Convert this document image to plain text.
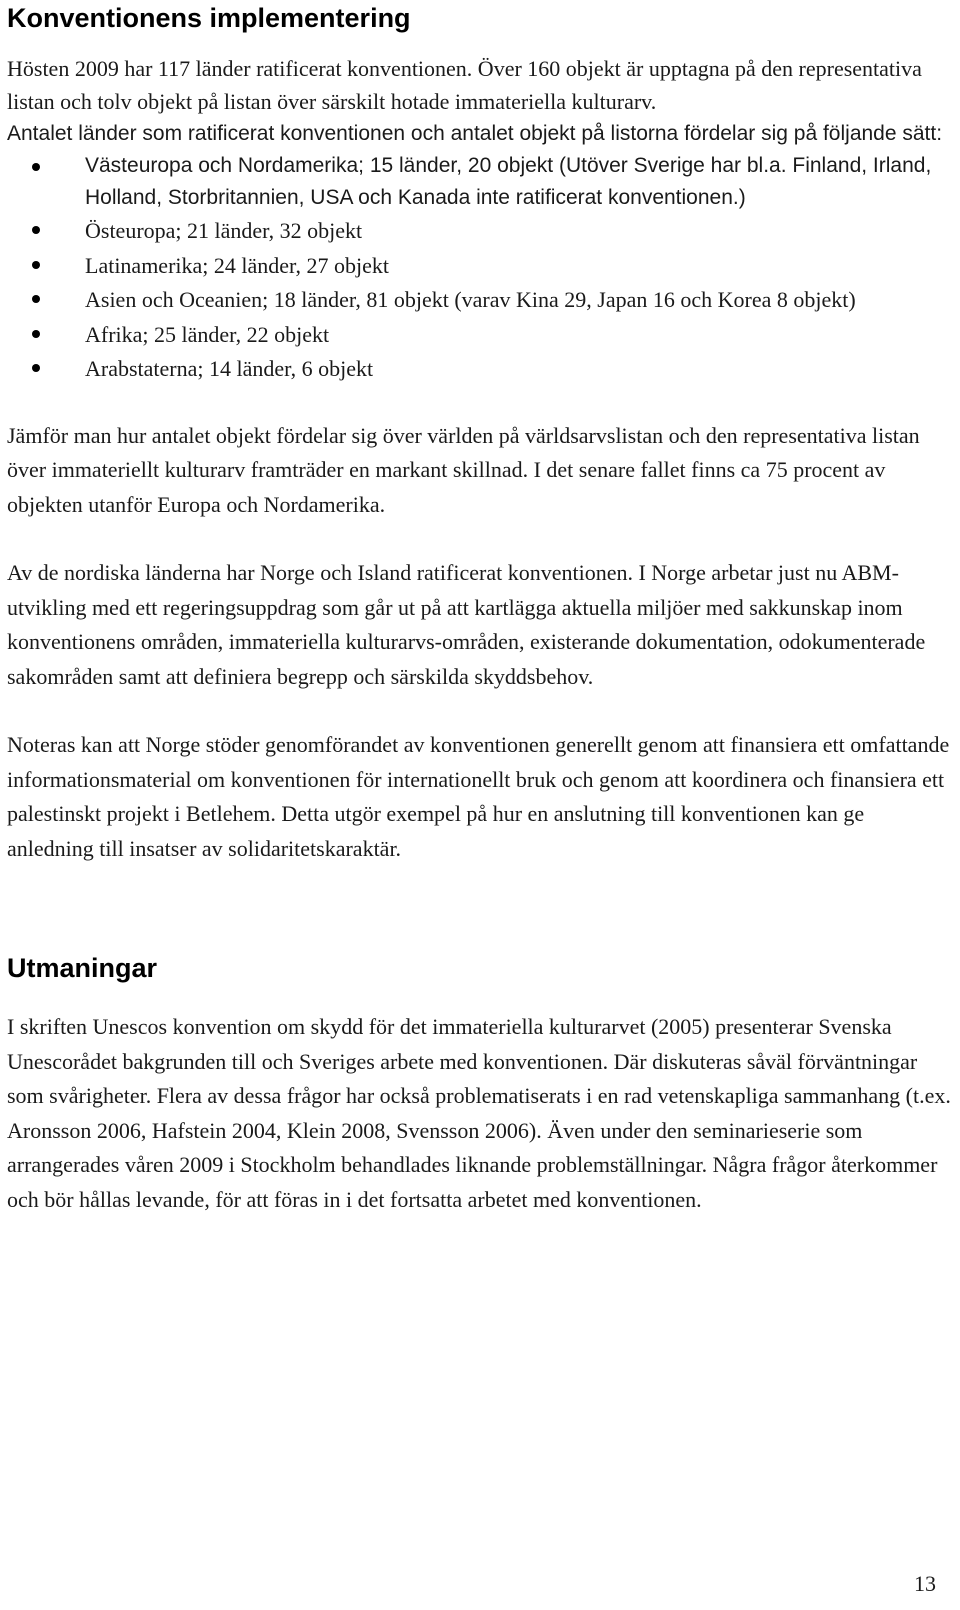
Konventionens implementering

Hösten 2009 har 117 länder ratificerat konventionen. Över 160 objekt är upptagna på den representativa listan och tolv objekt på listan över särskilt hotade immateriella kulturarv.

Antalet länder som ratificerat konventionen och antalet objekt på listorna fördelar sig på följande sätt:

Västeuropa och Nordamerika; 15 länder, 20 objekt (Utöver Sverige har bl.a. Finland, Irland, Holland, Storbritannien, USA och Kanada inte ratificerat konventionen.)
Östeuropa; 21 länder, 32 objekt
Latinamerika; 24 länder, 27 objekt
Asien och Oceanien; 18 länder, 81 objekt (varav Kina 29, Japan 16 och Korea 8 objekt)
Afrika; 25 länder, 22 objekt
Arabstaterna; 14 länder, 6 objekt

Jämför man hur antalet objekt fördelar sig över världen på världsarvslistan och den representativa listan över immateriellt kulturarv framträder en markant skillnad. I det senare fallet finns ca 75 procent av objekten utanför Europa och Nordamerika.

Av de nordiska länderna har Norge och Island ratificerat konventionen. I Norge arbetar just nu ABM-utvikling med ett regeringsuppdrag som går ut på att kartlägga aktuella miljöer med sakkunskap inom konventionens områden, immateriella kulturarvs-områden, existerande dokumentation, odokumenterade sakområden samt att definiera begrepp och särskilda skyddsbehov.

Noteras kan att Norge stöder genomförandet av konventionen generellt genom att finansiera ett omfattande informationsmaterial om konventionen för internationellt bruk och genom att koordinera och finansiera ett palestinskt projekt i Betlehem. Detta utgör exempel på hur en anslutning till konventionen kan ge anledning till insatser av solidaritetskaraktär.

Utmaningar

I skriften Unescos konvention om skydd för det immateriella kulturarvet (2005) presenterar Svenska Unescorådet bakgrunden till och Sveriges arbete med konventionen. Där diskuteras såväl förväntningar som svårigheter. Flera av dessa frågor har också problematiserats i en rad vetenskapliga sammanhang (t.ex. Aronsson 2006, Hafstein 2004, Klein 2008, Svensson 2006). Även under den seminarieserie som arrangerades våren 2009 i Stockholm behandlades liknande problemställningar. Några frågor återkommer och bör hållas levande, för att föras in i det fortsatta arbetet med konventionen.

13
